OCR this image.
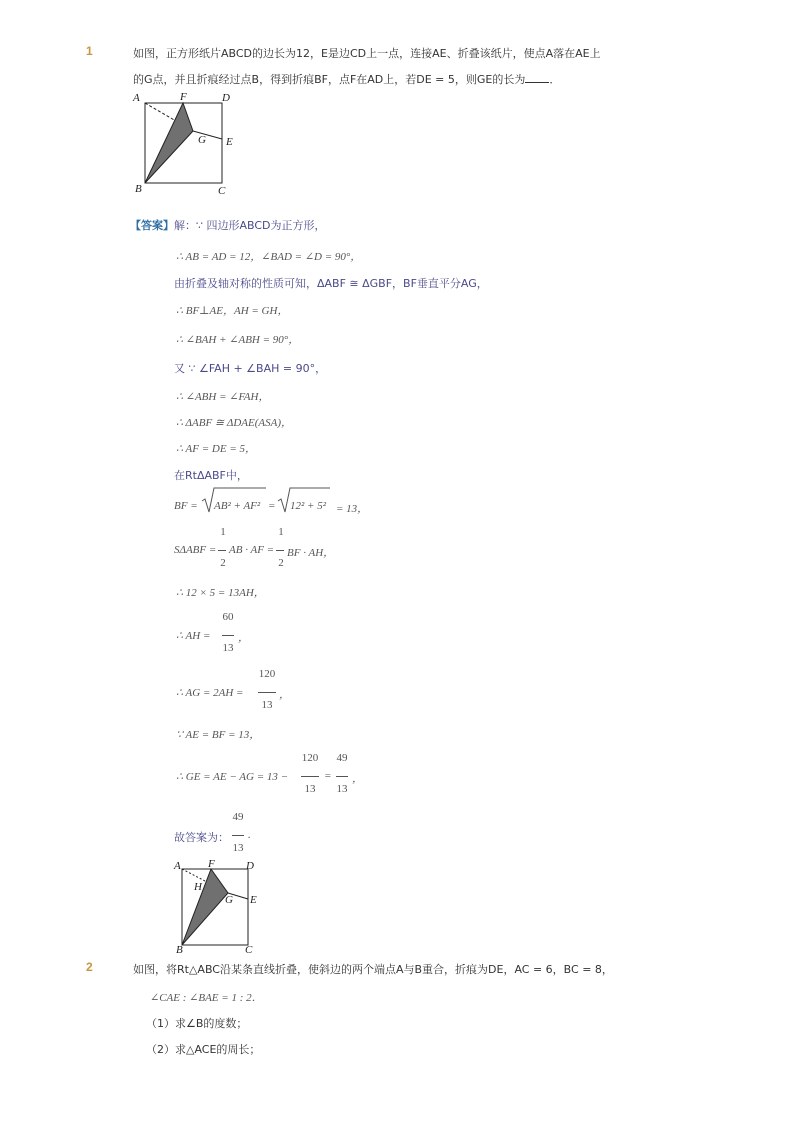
1	如图，正方形纸片ABCD的边长为12，E是边CD上一点，连接AE、折叠该纸片，使点A落在AE上
的G点，并且折痕经过点B，得到折痕BF，点F在AD上，若DE = 5，则GE的长为 ．
A	F	D
G E
B	C
【答案】解：∵ 四边形ABCD为正方形，
∴ AB = AD = 12，∠BAD = ∠D = 90°，
由折叠及轴对称的性质可知，ΔABF ≅ ΔGBF，BF垂直平分AG，
∴ BF⊥AE，AH = GH，
∴ ∠BAH + ∠ABH = 90°，
又 ∵ ∠FAH + ∠BAH = 90°，
∴ ∠ABH = ∠FAH，
∴ ΔABF ≅ ΔDAE(ASA)，
∴ AF = DE = 5，
在RtΔABF中，
BF = AB² + AF² = 12² + 5² = 13，
SΔABF =
1
2
AB · AF =
1
2
BF · AH，
∴ 12 × 5 = 13AH，
∴ AH =
60
13
，
∴ AG = 2AH =
120
13
，
∵ AE = BF = 13，
∴ GE = AE − AG = 13 −
120
13
=
49
13
，
故答案为：
49
13
.
A F	D
H
G E
B	C
2	如图，将Rt△ABC沿某条直线折叠，使斜边的两个端点A与B重合，折痕为DE，AC = 6，BC = 8，
∠CAE : ∠BAE = 1 : 2．
（1）求∠B的度数；
（2）求△ACE的周长；
